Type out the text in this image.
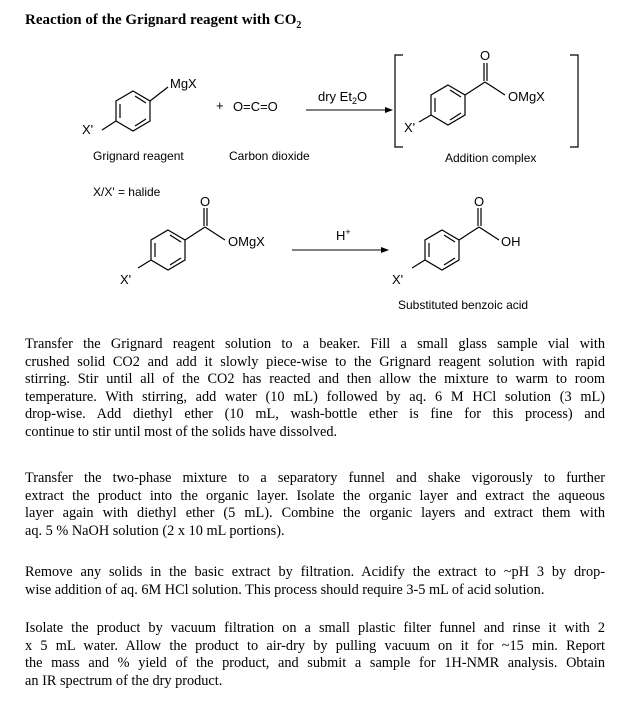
Reaction of the Grignard reagent with $CO_2$
MgX
X'
+ O=C=O
dry $Et_2O$
O
OMgX
X'
Grignard reagent	Carbon dioxide	Addition complex
X/X' = halide
O
OMgX
X'
H+
O
OH
X'
Substituted benzoic acid
Transfer the Grignard reagent solution to a beaker. Fill a small glass sample vial with
crushed solid CO2 and add it slowly piece-wise to the Grignard reagent solution with rapid
stirring. Stir until all of the CO2 has reacted and then allow the mixture to warm to room
temperature. With stirring, add water (10 mL) followed by aq. 6 M HCl solution (3 mL)
drop-wise. Add diethyl ether (10 mL, wash-bottle ether is fine for this process) and
continue to stir until most of the solids have dissolved.
Transfer the two-phase mixture to a separatory funnel and shake vigorously to further
extract the product into the organic layer. Isolate the organic layer and extract the aqueous
layer again with diethyl ether (5 mL). Combine the organic layers and extract them with
aq. 5 % NaOH solution (2 x 10 mL portions).
Remove any solids in the basic extract by filtration. Acidify the extract to ~pH 3 by drop-
wise addition of aq. 6M HCl solution. This process should require 3-5 mL of acid solution.
Isolate the product by vacuum filtration on a small plastic filter funnel and rinse it with 2
x 5 mL water. Allow the product to air-dry by pulling vacuum on it for ~15 min. Report
the mass and % yield of the product, and submit a sample for 1H-NMR analysis. Obtain
an IR spectrum of the dry product.
